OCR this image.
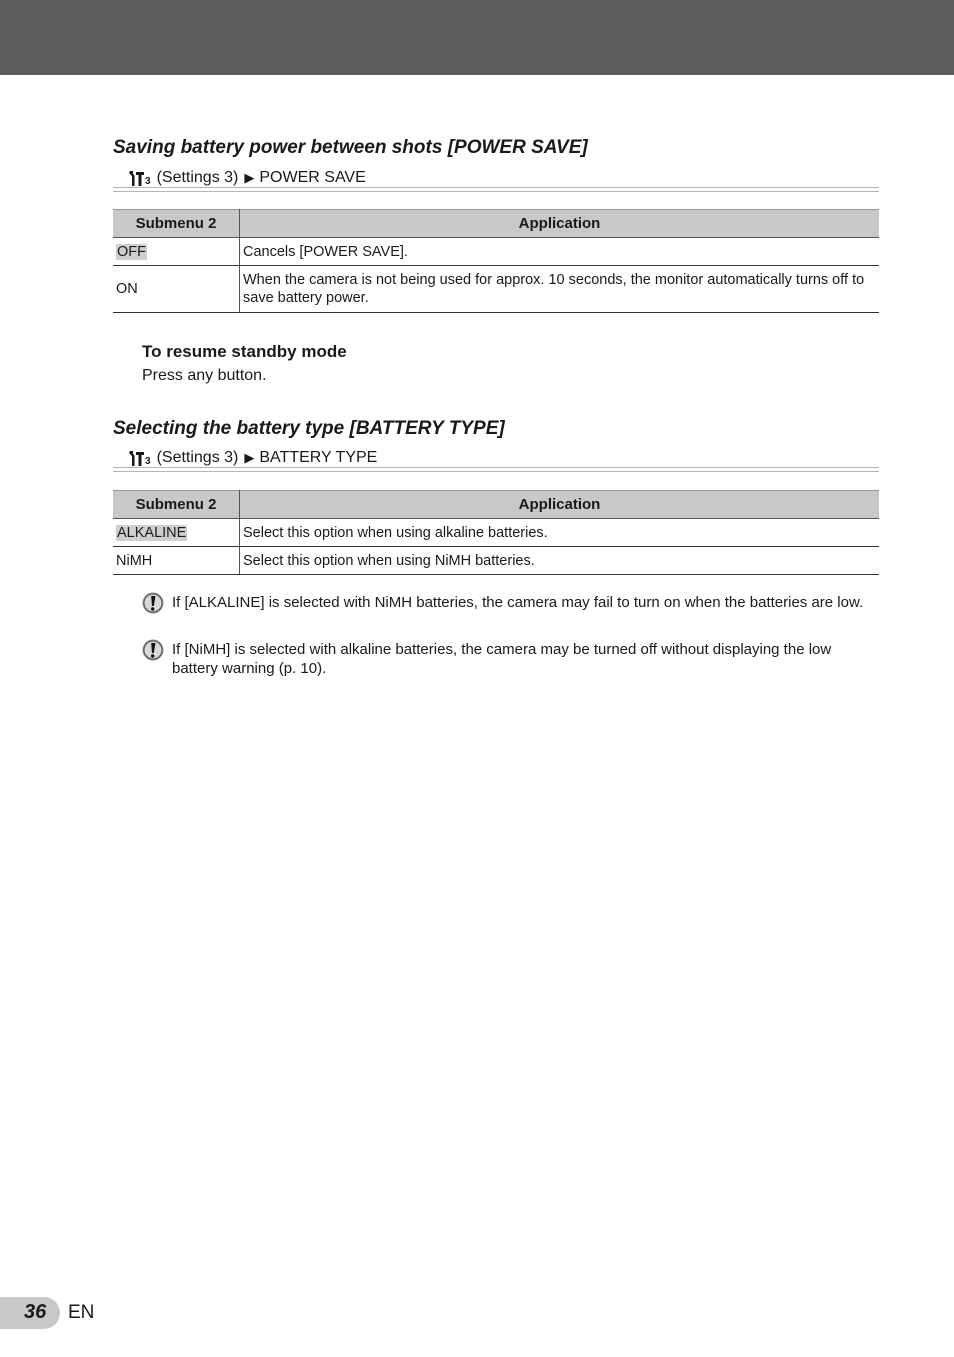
Saving battery power between shots [POWER SAVE]
3 (Settings 3) ▶ POWER SAVE
Submenu 2	Application
OFF	Cancels [POWER SAVE].
ON	When the camera is not being used for approx. 10 seconds, the monitor automatically turns off to save battery power.
To resume standby mode
Press any button.
Selecting the battery type [BATTERY TYPE]
3 (Settings 3) ▶ BATTERY TYPE
Submenu 2	Application
ALKALINE	Select this option when using alkaline batteries.
NiMH	Select this option when using NiMH batteries.
If [ALKALINE] is selected with NiMH batteries, the camera may fail to turn on when the batteries are low.
If [NiMH] is selected with alkaline batteries, the camera may be turned off without displaying the low battery warning (p. 10).
36 EN
